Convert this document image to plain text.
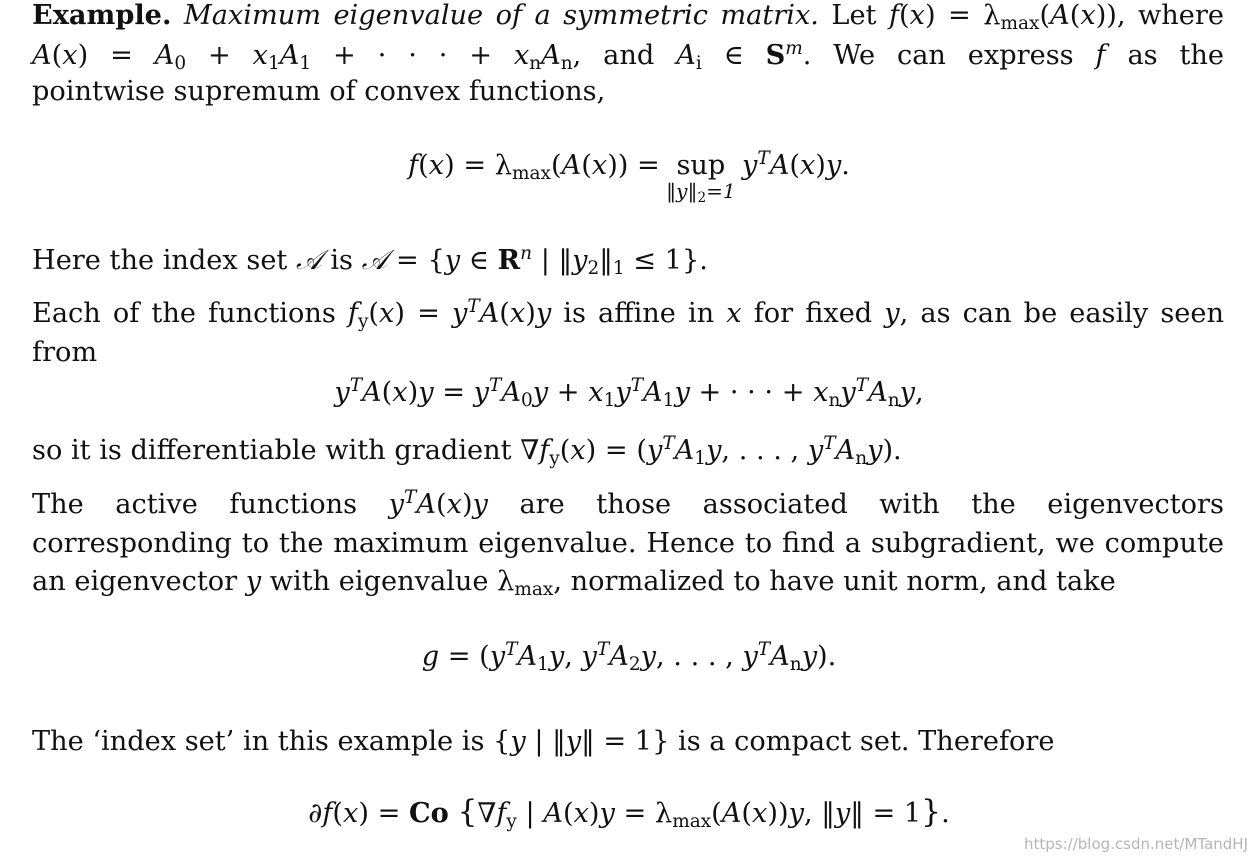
Example. Maximum eigenvalue of a symmetric matrix. Let $f(x) = \lambda_{max}(A(x))$, where $A(x) = A_0 + x_1A_1$ + · · · + $x_nA_n$, and $A_i$ ∈ $S^m$. We can express f as the
pointwise supremum of convex functions,
$f(x) = \lambda_{max}(A(x))$ = sup
$‖y‖_2=1$
$y^TA(x)y$.
Here the index set 𝒜 is 𝒜 = {y ∈ $R^n$ | $‖y_2‖_1 \le 1$}.
Each of the functions $f_y(x) = y^TA(x)y$ is affine in x for fixed y, as can be easily seen
from
$y^TA(x)y = y^TA_0y + x_1y^TA_1y$ + · · · + $x_ny^TA_ny$,
so it is differentiable with gradient $\nabla f_y(x) = (y^TA_1y$, . . . , $y^TA_ny$).
The active functions $y^TA(x)y$ are those associated with the eigenvectors corresponding to the maximum eigenvalue. Hence to find a subgradient, we compute an eigenvector y with eigenvalue $\lambda_{max}$, normalized to have unit norm, and take
$g = (y^TA_1y$, $y^TA_2y$, . . . , $y^TA_ny$).
The ‘index set’ in this example is {y | ‖y‖ = 1} is a compact set. Therefore
∂f(x) = Co {$\nabla f_y$ | $A(x)y = \lambda_{max}(A(x))y$, ‖y‖ = 1}.
https://blog.csdn.net/MTandHJ
